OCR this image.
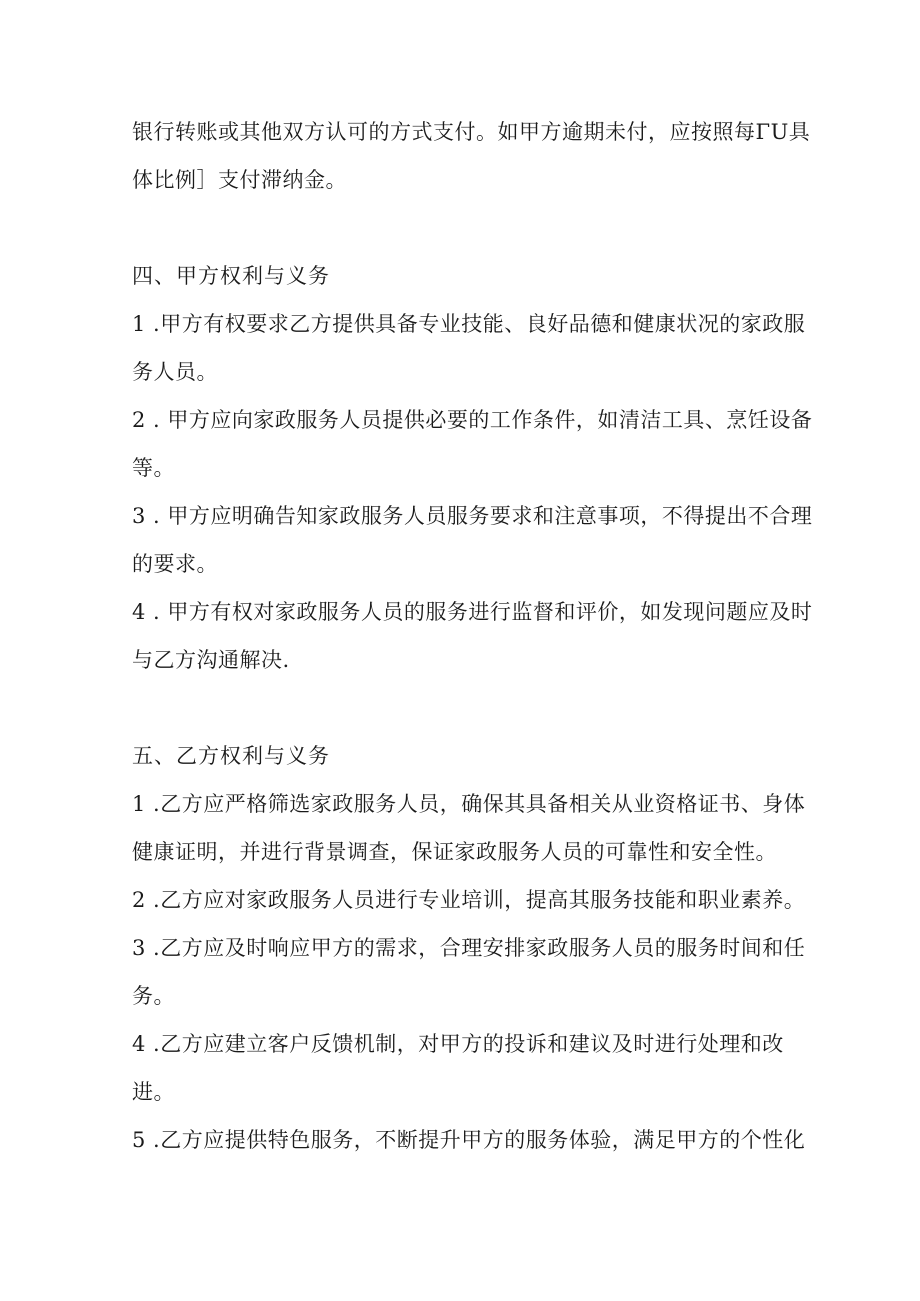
银行转账或其他双方认可的方式支付。如甲方逾期未付，应按照每ΓU具
体比例］支付滞纳金。
四、甲方权利与义务
1 .甲方有权要求乙方提供具备专业技能、良好品德和健康状况的家政服
务人员。
2 . 甲方应向家政服务人员提供必要的工作条件，如清洁工具、烹饪设备
等。
3 . 甲方应明确告知家政服务人员服务要求和注意事项，不得提出不合理
的要求。
4 . 甲方有权对家政服务人员的服务进行监督和评价，如发现问题应及时
与乙方沟通解决.
五、乙方权利与义务
1 .乙方应严格筛选家政服务人员，确保其具备相关从业资格证书、身体
健康证明，并进行背景调查，保证家政服务人员的可靠性和安全性。
2 .乙方应对家政服务人员进行专业培训，提高其服务技能和职业素养。
3 .乙方应及时响应甲方的需求，合理安排家政服务人员的服务时间和任
务。
4 .乙方应建立客户反馈机制，对甲方的投诉和建议及时进行处理和改
进。
5 .乙方应提供特色服务，不断提升甲方的服务体验，满足甲方的个性化
